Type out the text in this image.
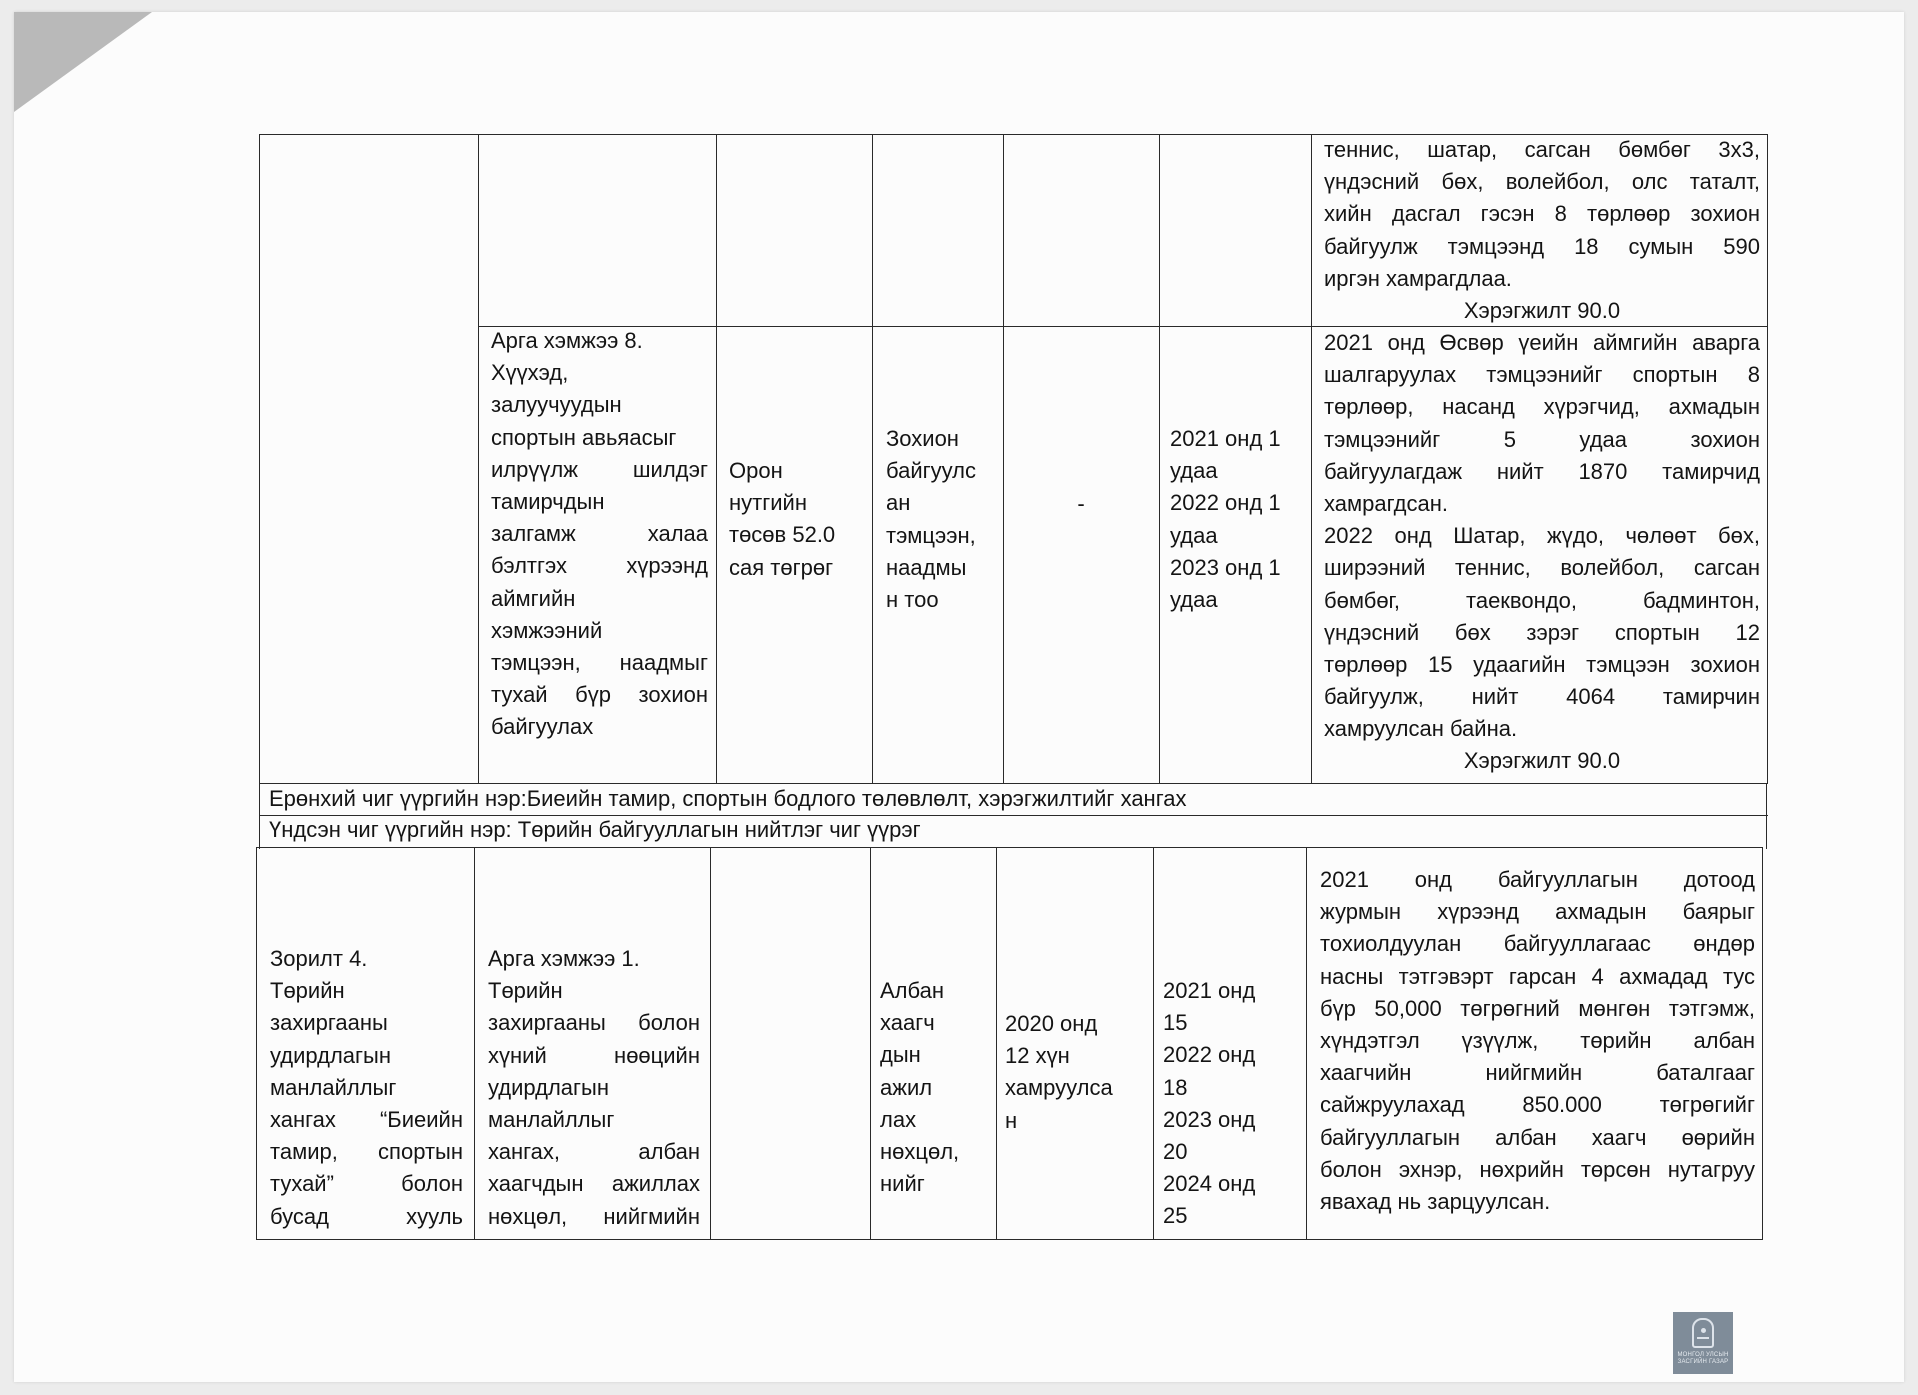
теннис, шатар, сагсан бөмбөг 3х3,
үндэсний бөх, волейбол, олс таталт,
хийн дасгал гэсэн 8 төрлөөр зохион
байгуулж тэмцээнд 18 сумын 590
иргэн хамрагдлаа.
Хэрэгжилт 90.0
Арга хэмжээ 8.
Хүүхэд,
залуучуудын
спортын авьяасыг
илрүүлж шилдэг
тамирчдын
залгамж халаа
бэлтгэх хүрээнд
аймгийн
хэмжээний
тэмцээн, наадмыг
тухай бүр зохион
байгуулах
Орон
нутгийн
төсөв 52.0
сая төгрөг
Зохион
байгуулс
ан
тэмцээн,
наадмы
н тоо
-
2021 онд 1
удаа
2022 онд 1
удаа
2023 онд 1
удаа
2021 онд Өсвөр үеийн аймгийн аварга
шалгаруулах тэмцээнийг спортын 8
төрлөөр, насанд хүрэгчид, ахмадын
тэмцээнийг 5 удаа зохион
байгуулагдаж нийт 1870 тамирчид
хамрагдсан.
2022 онд Шатар, жүдо, чөлөөт бөх,
ширээний теннис, волейбол, сагсан
бөмбөг, таеквондо, бадминтон,
үндэсний бөх зэрэг спортын 12
төрлөөр 15 удаагийн тэмцээн зохион
байгуулж, нийт 4064 тамирчин
хамруулсан байна.
Хэрэгжилт 90.0
Ерөнхий чиг үүргийн нэр:Биеийн тамир, спортын бодлого төлөвлөлт, хэрэгжилтийг хангах
Үндсэн чиг үүргийн нэр: Төрийн байгууллагын нийтлэг чиг үүрэг
Зорилт 4.
Төрийн
захиргааны
удирдлагын
манлайллыг
хангах “Биеийн
тамир, спортын
тухай” болон
бусад хууль
Арга хэмжээ 1.
Төрийн
захиргааны болон
хүний нөөцийн
удирдлагын
манлайллыг
хангах, албан
хаагчдын ажиллах
нөхцөл, нийгмийн
Албан
хаагч
дын
ажил
лах
нөхцөл,
нийг
2020 онд
12 хүн
хамруулса
н
2021 онд
15
2022 онд
18
2023 онд
20
2024 онд
25
2021 онд байгууллагын дотоод
журмын хүрээнд ахмадын баярыг
тохиолдуулан байгууллагаас өндөр
насны тэтгэвэрт гарсан 4 ахмадад тус
бүр 50,000 төгрөгний мөнгөн тэтгэмж,
хүндэтгэл үзүүлж, төрийн албан
хаагчийн нийгмийн баталгааг
сайжруулахад 850.000 төгрөгийг
байгууллагын албан хаагч өөрийн
болон эхнэр, нөхрийн төрсөн нутагруу
явахад нь зарцуулсан.
МОНГОЛ УЛСЫН
ЗАСГИЙН ГАЗАР
